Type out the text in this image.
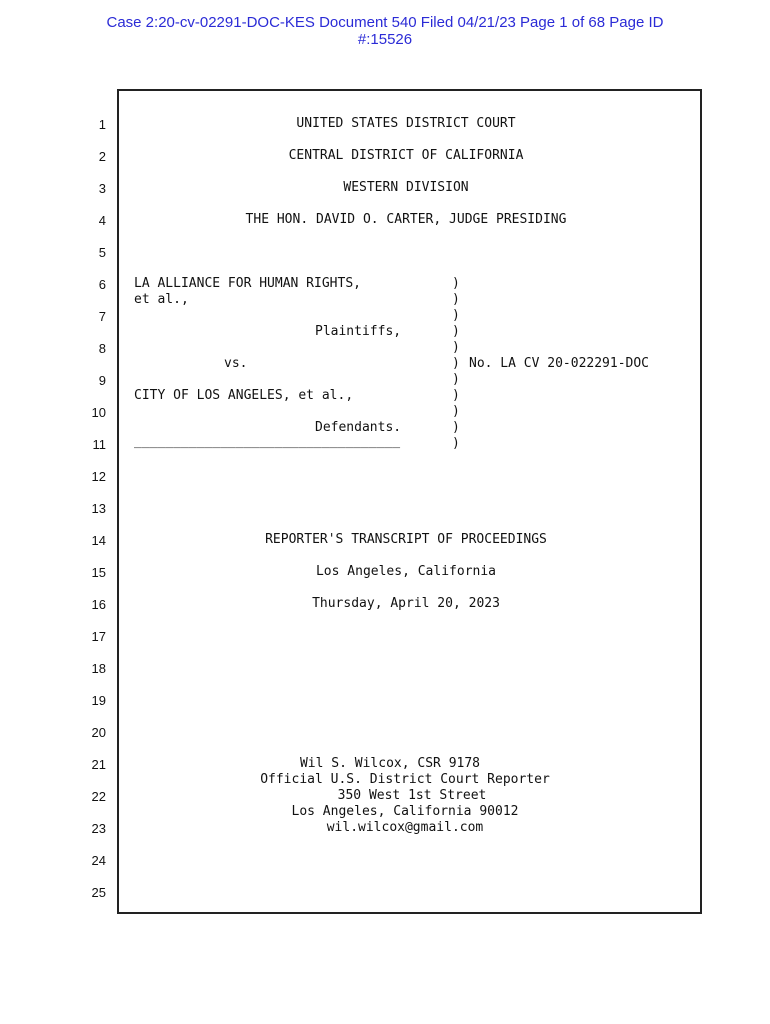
Case 2:20-cv-02291-DOC-KES Document 540 Filed 04/21/23 Page 1 of 68 Page ID
#:15526
1
2
3
4
5
6
7
8
9
10
11
12
13
14
15
16
17
18
19
20
21
22
23
24
25
UNITED STATES DISTRICT COURT
CENTRAL DISTRICT OF CALIFORNIA
WESTERN DIVISION
THE HON. DAVID O. CARTER, JUDGE PRESIDING
LA ALLIANCE FOR HUMAN RIGHTS,
et al.,
Plaintiffs,
vs.
CITY OF LOS ANGELES, et al.,
Defendants.
__________________________________
)
)
)
)
)
)
)
)
)
)
)
No. LA CV 20-022291-DOC
REPORTER'S TRANSCRIPT OF PROCEEDINGS
Los Angeles, California
Thursday, April 20, 2023
Wil S. Wilcox, CSR 9178
Official U.S. District Court Reporter
350 West 1st Street
Los Angeles, California 90012
wil.wilcox@gmail.com
